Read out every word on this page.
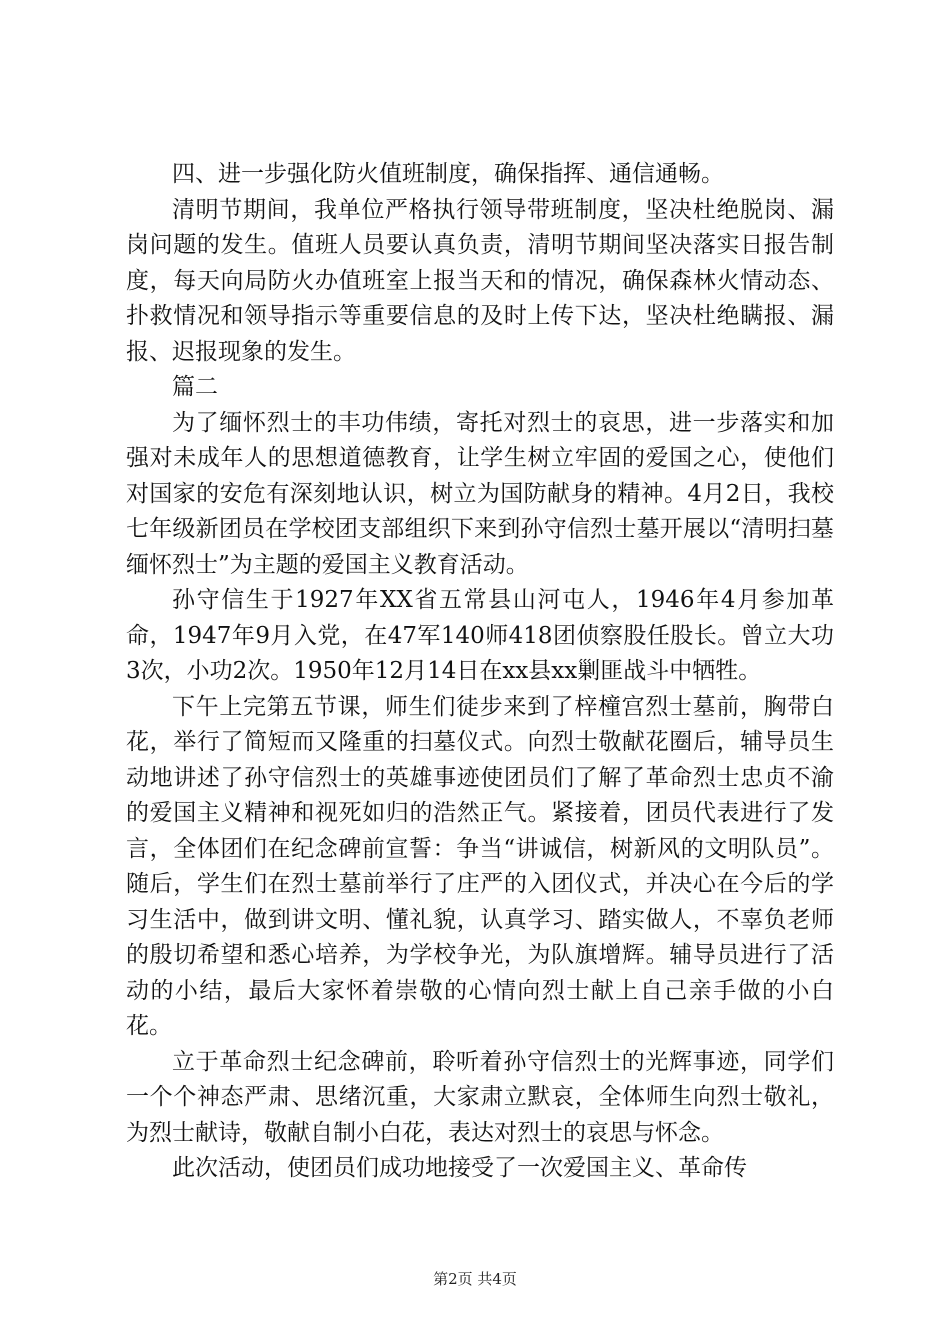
四、进一步强化防火值班制度，确保指挥、通信通畅。

清明节期间，我单位严格执行领导带班制度，坚决杜绝脱岗、漏岗问题的发生。值班人员要认真负责，清明节期间坚决落实日报告制度，每天向局防火办值班室上报当天和的情况，确保森林火情动态、扑救情况和领导指示等重要信息的及时上传下达，坚决杜绝瞒报、漏报、迟报现象的发生。

篇二

为了缅怀烈士的丰功伟绩，寄托对烈士的哀思，进一步落实和加强对未成年人的思想道德教育，让学生树立牢固的爱国之心，使他们对国家的安危有深刻地认识，树立为国防献身的精神。4月2日，我校七年级新团员在学校团支部组织下来到孙守信烈士墓开展以“清明扫墓缅怀烈士”为主题的爱国主义教育活动。

孙守信生于1927年XX省五常县山河屯人，1946年4月参加革命，1947年9月入党，在47军140师418团侦察股任股长。曾立大功3次，小功2次。1950年12月14日在xx县xx剿匪战斗中牺牲。

下午上完第五节课，师生们徒步来到了梓橦宫烈士墓前，胸带白花，举行了简短而又隆重的扫墓仪式。向烈士敬献花圈后，辅导员生动地讲述了孙守信烈士的英雄事迹使团员们了解了革命烈士忠贞不渝的爱国主义精神和视死如归的浩然正气。紧接着，团员代表进行了发言，全体团们在纪念碑前宣誓：争当“讲诚信，树新风的文明队员”。随后，学生们在烈士墓前举行了庄严的入团仪式，并决心在今后的学习生活中，做到讲文明、懂礼貌，认真学习、踏实做人，不辜负老师的殷切希望和悉心培养，为学校争光，为队旗增辉。辅导员进行了活动的小结，最后大家怀着崇敬的心情向烈士献上自己亲手做的小白花。

立于革命烈士纪念碑前，聆听着孙守信烈士的光辉事迹，同学们一个个神态严肃、思绪沉重，大家肃立默哀，全体师生向烈士敬礼，为烈士献诗，敬献自制小白花，表达对烈士的哀思与怀念。

此次活动，使团员们成功地接受了一次爱国主义、革命传

第2页 共4页
